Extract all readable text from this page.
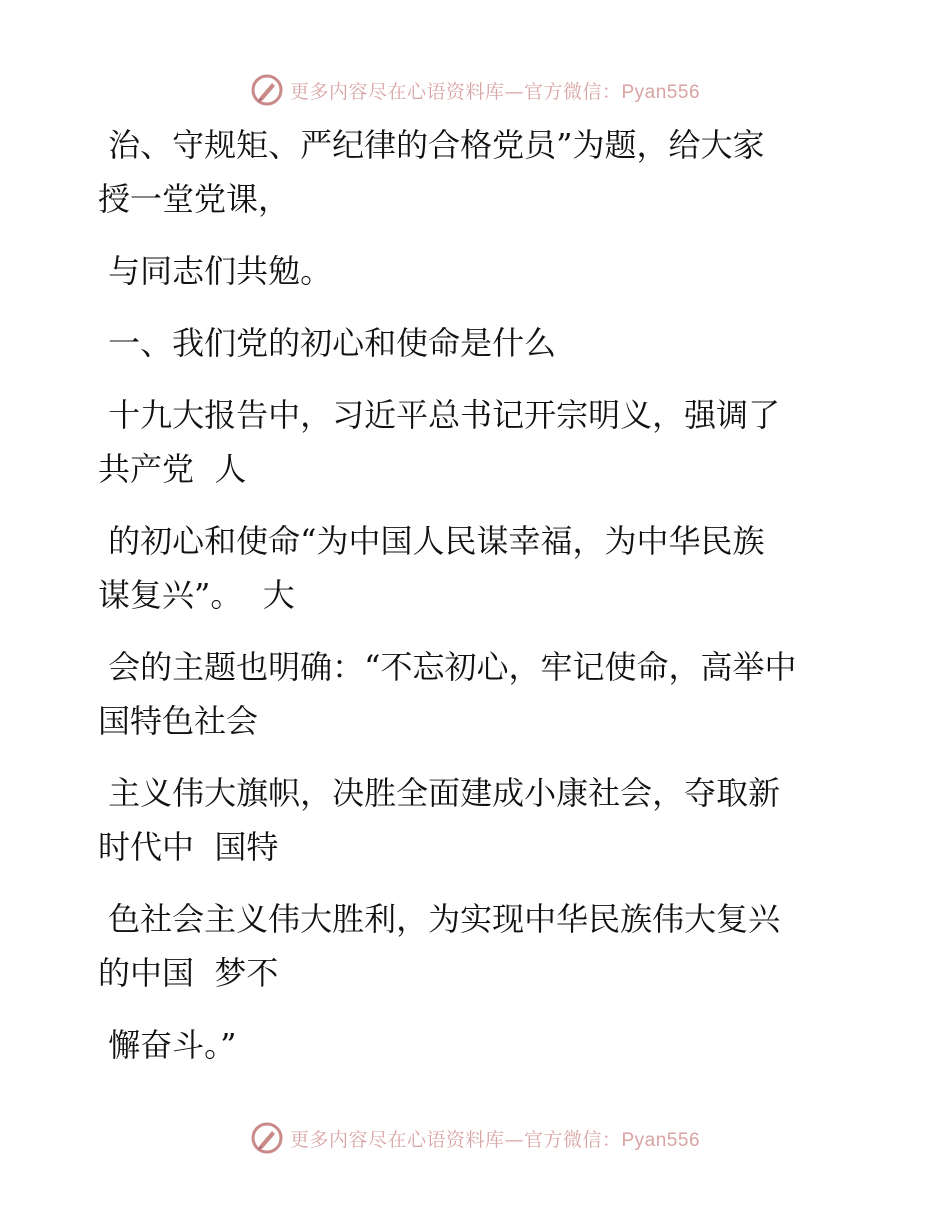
更多内容尽在心语资料库—官方微信：Pyan556
治、守规矩、严纪律的合格党员”为题，给大家
授一堂党课，
与同志们共勉。
一、我们党的初心和使命是什么
十九大报告中，习近平总书记开宗明义，强调了
共产党  人
的初心和使命“为中国人民谋幸福，为中华民族
谋复兴”。  大
会的主题也明确：“不忘初心，牢记使命，高举中
国特色社会
主义伟大旗帜，决胜全面建成小康社会，夺取新
时代中  国特
色社会主义伟大胜利，为实现中华民族伟大复兴
的中国  梦不
懈奋斗。”
更多内容尽在心语资料库—官方微信：Pyan556
